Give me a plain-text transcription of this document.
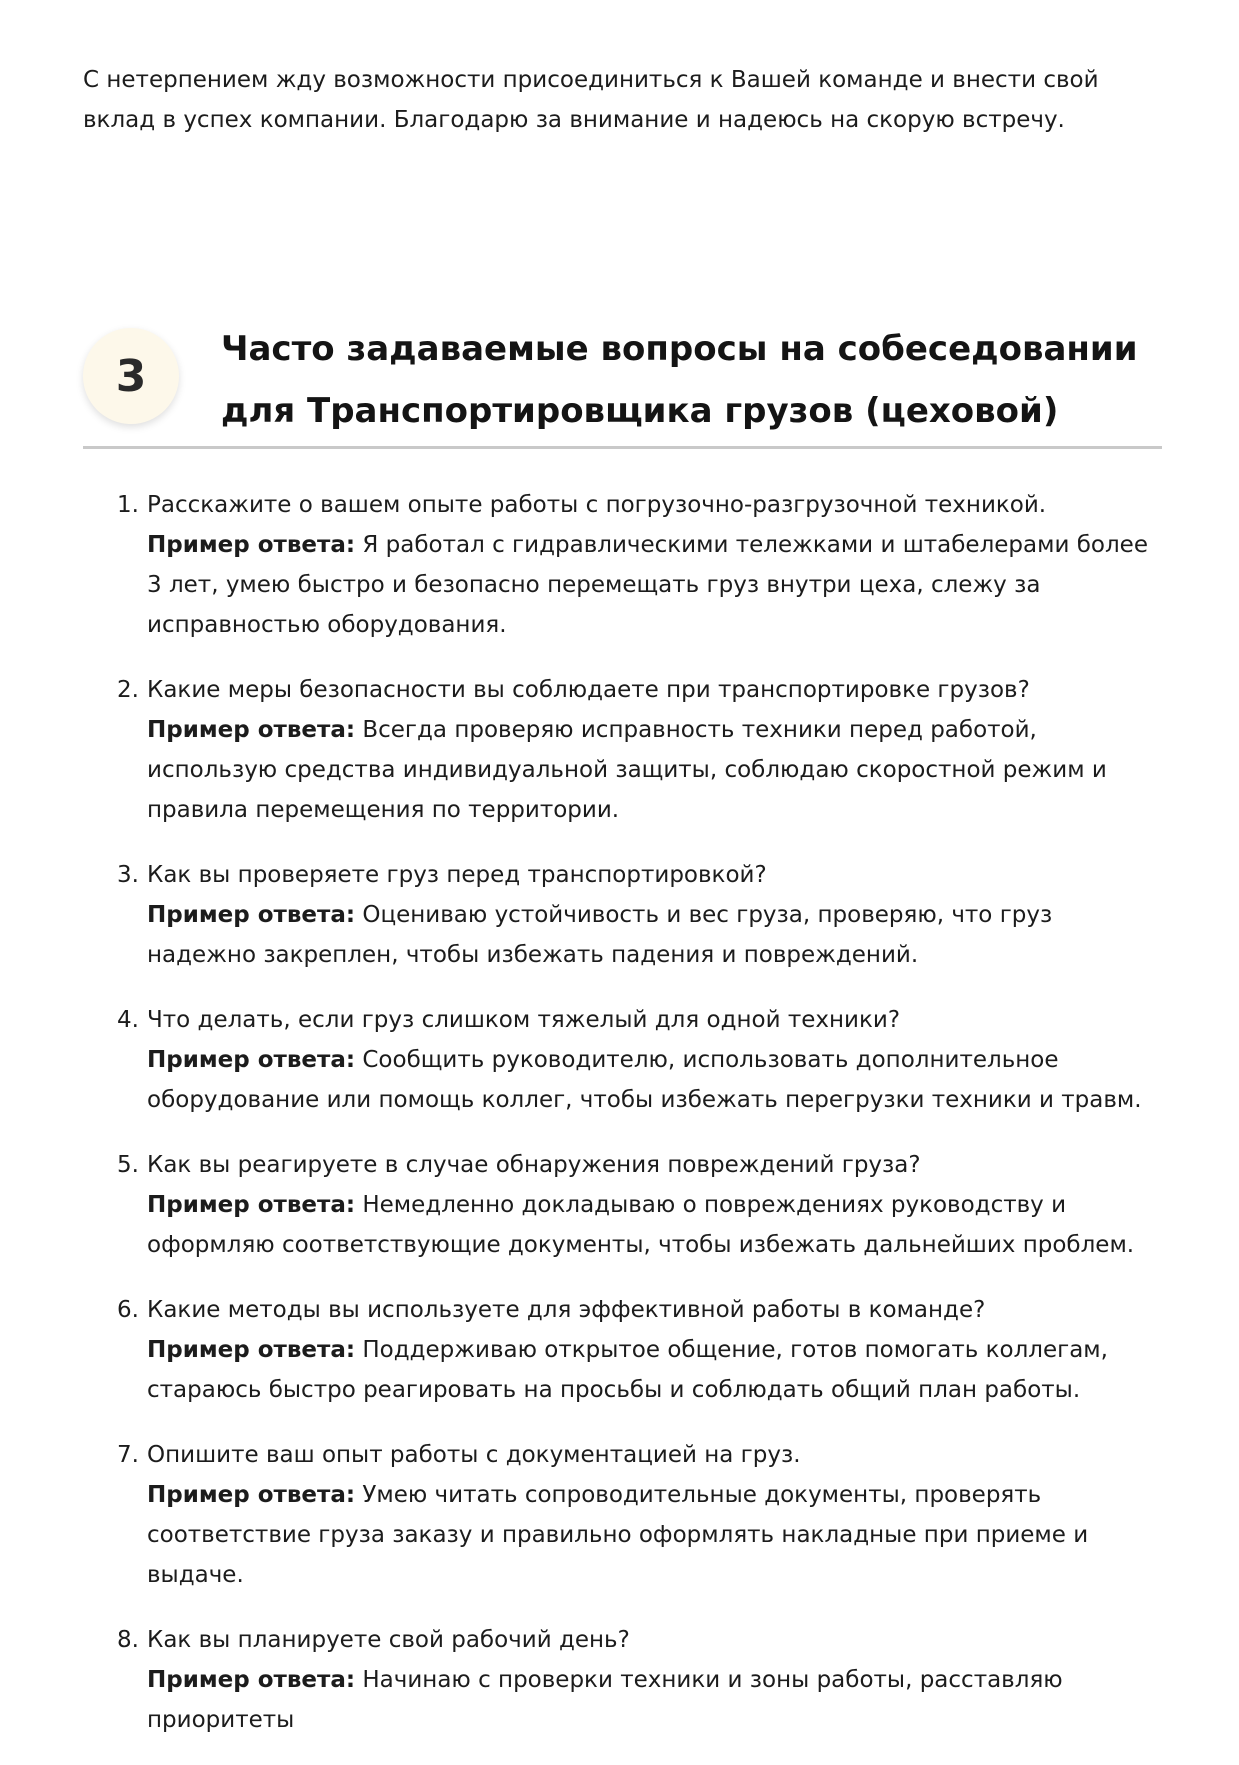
С нетерпением жду возможности присоединиться к Вашей команде и внести свой вклад в успех компании. Благодарю за внимание и надеюсь на скорую встречу.

3
Часто задаваемые вопросы на собеседовании для Транспортировщика грузов (цеховой)
1. Расскажите о вашем опыте работы с погрузочно-разгрузочной техникой.
Пример ответа: Я работал с гидравлическими тележками и штабелерами более 3 лет, умею быстро и безопасно перемещать груз внутри цеха, слежу за исправностью оборудования.
2. Какие меры безопасности вы соблюдаете при транспортировке грузов?
Пример ответа: Всегда проверяю исправность техники перед работой, использую средства индивидуальной защиты, соблюдаю скоростной режим и правила перемещения по территории.
3. Как вы проверяете груз перед транспортировкой?
Пример ответа: Оцениваю устойчивость и вес груза, проверяю, что груз надежно закреплен, чтобы избежать падения и повреждений.
4. Что делать, если груз слишком тяжелый для одной техники?
Пример ответа: Сообщить руководителю, использовать дополнительное оборудование или помощь коллег, чтобы избежать перегрузки техники и травм.
5. Как вы реагируете в случае обнаружения повреждений груза?
Пример ответа: Немедленно докладываю о повреждениях руководству и оформляю соответствующие документы, чтобы избежать дальнейших проблем.
6. Какие методы вы используете для эффективной работы в команде?
Пример ответа: Поддерживаю открытое общение, готов помогать коллегам, стараюсь быстро реагировать на просьбы и соблюдать общий план работы.
7. Опишите ваш опыт работы с документацией на груз.
Пример ответа: Умею читать сопроводительные документы, проверять соответствие груза заказу и правильно оформлять накладные при приеме и выдаче.
8. Как вы планируете свой рабочий день?
Пример ответа: Начинаю с проверки техники и зоны работы, расставляю приоритеты
